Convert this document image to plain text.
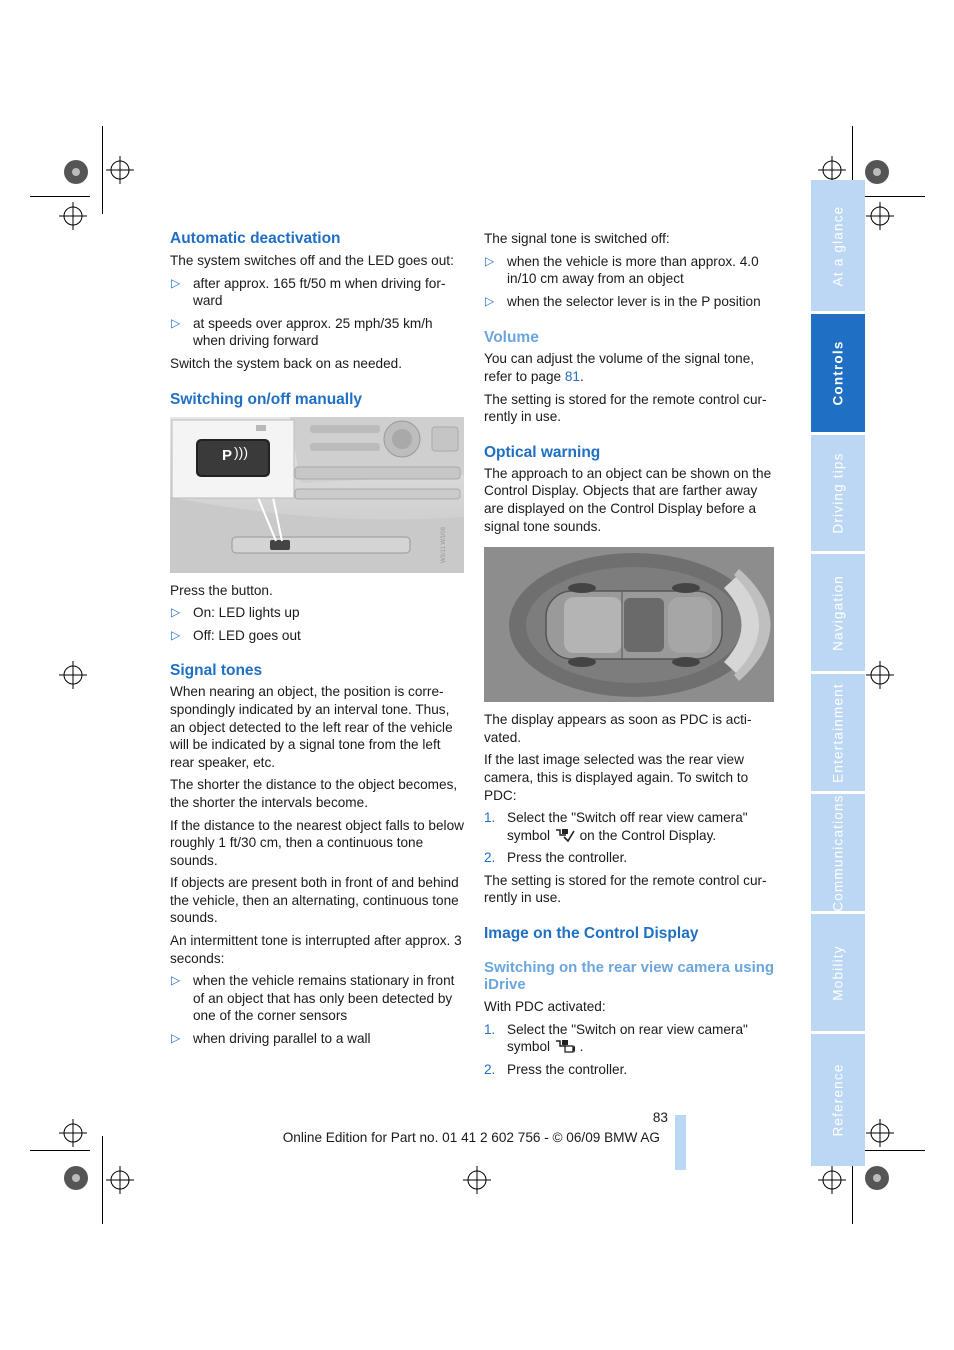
At a glance
Controls
Driving tips
Navigation
Entertainment
Communications
Mobility
Reference

Automatic deactivation

The system switches off and the LED goes out:

▷ after approx. 165 ft/50 m when driving forward
▷ at speeds over approx. 25 mph/35 km/h when driving forward

Switch the system back on as needed.

Switching on/off manually

P )))
W9/11 W3/08

Press the button.

▷ On: LED lights up
▷ Off: LED goes out

Signal tones

When nearing an object, the position is correspondingly indicated by an interval tone. Thus, an object detected to the left rear of the vehicle will be indicated by a signal tone from the left rear speaker, etc.

The shorter the distance to the object becomes, the shorter the intervals become.

If the distance to the nearest object falls to below roughly 1 ft/30 cm, then a continuous tone sounds.

If objects are present both in front of and behind the vehicle, then an alternating, continuous tone sounds.

An intermittent tone is interrupted after approx. 3 seconds:

▷ when the vehicle remains stationary in front of an object that has only been detected by one of the corner sensors
▷ when driving parallel to a wall

The signal tone is switched off:

▷ when the vehicle is more than approx. 4.0 in/10 cm away from an object
▷ when the selector lever is in the P position

Volume

You can adjust the volume of the signal tone, refer to page 81.

The setting is stored for the remote control currently in use.

Optical warning

The approach to an object can be shown on the Control Display. Objects that are farther away are displayed on the Control Display before a signal tone sounds.

The display appears as soon as PDC is activated.

If the last image selected was the rear view camera, this is displayed again. To switch to PDC:

1. Select the "Switch off rear view camera" symbol  on the Control Display.
2. Press the controller.

The setting is stored for the remote control currently in use.

Image on the Control Display

Switching on the rear view camera using iDrive

With PDC activated:

1. Select the "Switch on rear view camera" symbol  .
2. Press the controller.
83
Online Edition for Part no. 01 41 2 602 756 - © 06/09 BMW AG
